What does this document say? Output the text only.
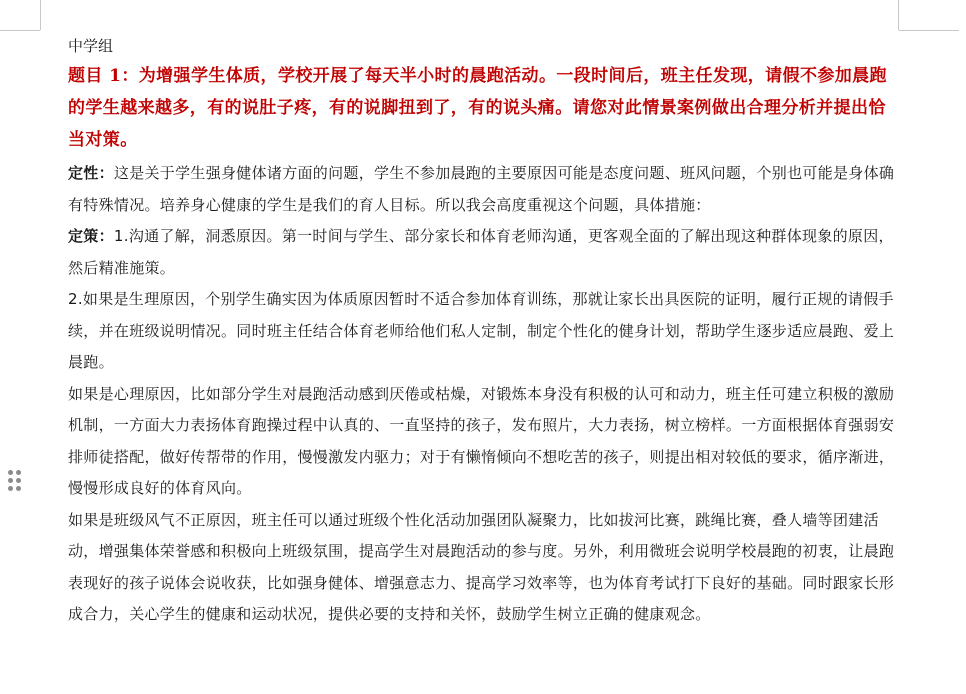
中学组

题目 1：为增强学生体质，学校开展了每天半小时的晨跑活动。一段时间后，班主任发现，请假不参加晨跑的学生越来越多，有的说肚子疼，有的说脚扭到了，有的说头痛。请您对此情景案例做出合理分析并提出恰当对策。

定性：这是关于学生强身健体诸方面的问题，学生不参加晨跑的主要原因可能是态度问题、班风问题，个别也可能是身体确有特殊情况。培养身心健康的学生是我们的育人目标。所以我会高度重视这个问题，具体措施：

定策：1.沟通了解，洞悉原因。第一时间与学生、部分家长和体育老师沟通，更客观全面的了解出现这种群体现象的原因，然后精准施策。

2.如果是生理原因，个别学生确实因为体质原因暂时不适合参加体育训练，那就让家长出具医院的证明，履行正规的请假手续，并在班级说明情况。同时班主任结合体育老师给他们私人定制，制定个性化的健身计划，帮助学生逐步适应晨跑、爱上晨跑。

如果是心理原因，比如部分学生对晨跑活动感到厌倦或枯燥，对锻炼本身没有积极的认可和动力，班主任可建立积极的激励机制，一方面大力表扬体育跑操过程中认真的、一直坚持的孩子，发布照片，大力表扬，树立榜样。一方面根据体育强弱安排师徒搭配，做好传帮带的作用，慢慢激发内驱力；对于有懒惰倾向不想吃苦的孩子，则提出相对较低的要求，循序渐进，慢慢形成良好的体育风向。

如果是班级风气不正原因，班主任可以通过班级个性化活动加强团队凝聚力，比如拔河比赛，跳绳比赛，叠人墙等团建活动，增强集体荣誉感和积极向上班级氛围，提高学生对晨跑活动的参与度。另外，利用微班会说明学校晨跑的初衷，让晨跑表现好的孩子说体会说收获，比如强身健体、增强意志力、提高学习效率等，也为体育考试打下良好的基础。同时跟家长形成合力，关心学生的健康和运动状况，提供必要的支持和关怀，鼓励学生树立正确的健康观念。
